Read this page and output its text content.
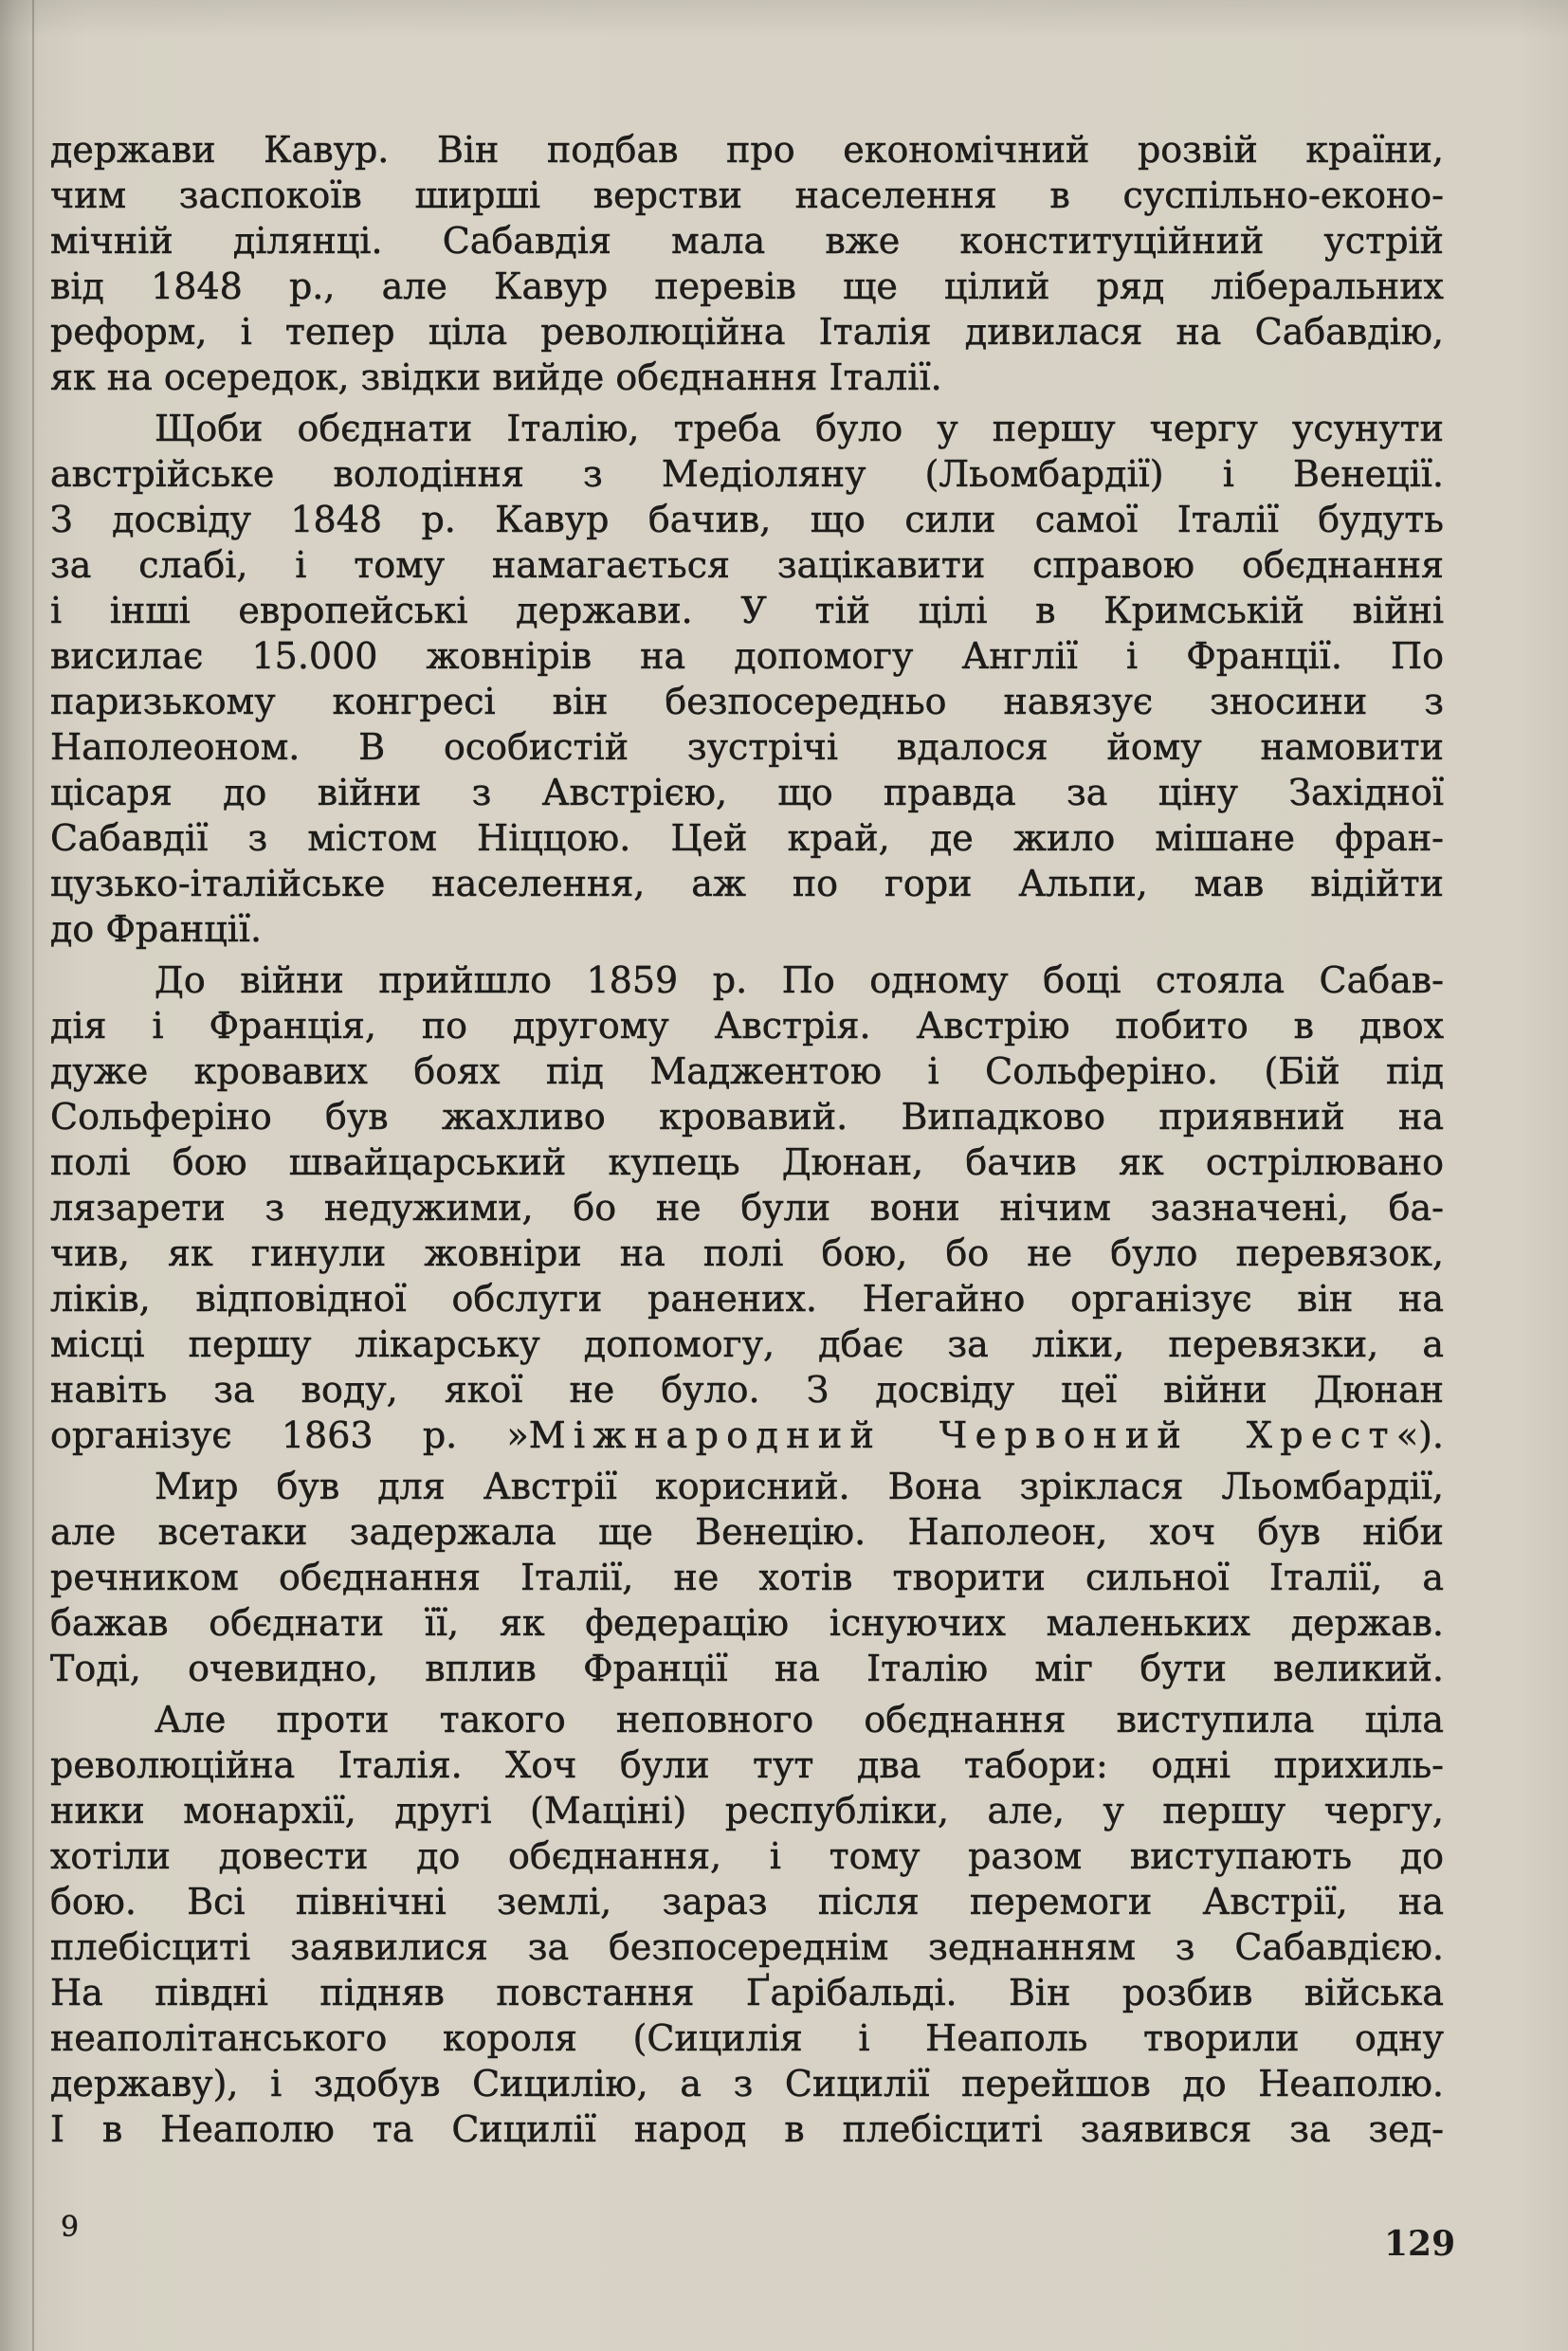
держави Кавур. Він подбав про економічний розвій країни,
чим заспокоїв ширші верстви населення в суспільно-еконо-
мічній ділянці. Сабавдія мала вже конституційний устрій
від 1848 р., але Кавур перевів ще цілий ряд ліберальних
реформ, і тепер ціла революційна Італія дивилася на Сабавдію,
як на осередок, звідки вийде обєднання Італії.
Щоби обєднати Італію, треба було у першу чергу усунути
австрійське володіння з Медіоляну (Льомбардії) і Венеції.
З досвіду 1848 р. Кавур бачив, що сили самої Італії будуть
за слабі, і тому намагається зацікавити справою обєднання
і інші европейські держави. У тій цілі в Кримській війні
висилає 15.000 жовнірів на допомогу Англії і Франції. По
паризькому конгресі він безпосередньо навязує зносини з
Наполеоном. В особистій зустрічі вдалося йому намовити
цісаря до війни з Австрією, що правда за ціну Західної
Сабавдії з містом Ніццою. Цей край, де жило мішане фран-
цузько-італійське населення, аж по гори Альпи, мав відійти
до Франції.
До війни прийшло 1859 р. По одному боці стояла Сабав-
дія і Франція, по другому Австрія. Австрію побито в двох
дуже кровавих боях під Маджентою і Сольферіно. (Бій під
Сольферіно був жахливо кровавий. Випадково приявний на
полі бою швайцарський купець Дюнан, бачив як острілювано
лязарети з недужими, бо не були вони нічим зазначені, ба-
чив, як гинули жовніри на полі бою, бо не було перевязок,
ліків, відповідної обслуги ранених. Негайно організує він на
місці першу лікарську допомогу, дбає за ліки, перевязки, а
навіть за воду, якої не було. З досвіду цеї війни Дюнан
організує 1863 р. »Міжнародний Червоний Хрест«).
Мир був для Австрії корисний. Вона зріклася Льомбардії,
але всетаки задержала ще Венецію. Наполеон, хоч був ніби
речником обєднання Італії, не хотів творити сильної Італії, а
бажав обєднати її, як федерацію існуючих маленьких держав.
Тоді, очевидно, вплив Франції на Італію міг бути великий.
Але проти такого неповного обєднання виступила ціла
революційна Італія. Хоч були тут два табори: одні прихиль-
ники монархії, другі (Маціні) республіки, але, у першу чергу,
хотіли довести до обєднання, і тому разом виступають до
бою. Всі північні землі, зараз після перемоги Австрії, на
плебісциті заявилися за безпосереднім зеднанням з Сабавдією.
На півдні підняв повстання Ґарібальді. Він розбив війська
неаполітанського короля (Сицилія і Неаполь творили одну
державу), і здобув Сицилію, а з Сицилії перейшов до Неаполю.
І в Неаполю та Сицилії народ в плебісциті заявився за зед-
9	129
